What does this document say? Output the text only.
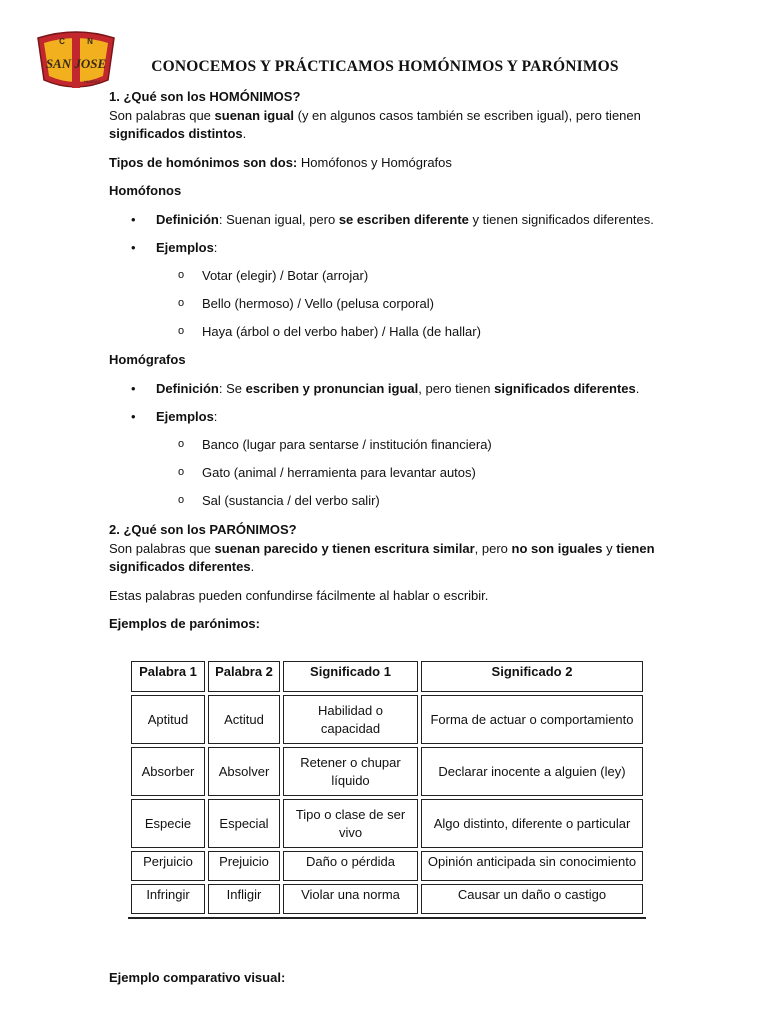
C	N
SAN JOSE
HUARAZ
CONOCEMOS Y PRÁCTICAMOS HOMÓNIMOS Y PARÓNIMOS

1. ¿Qué son los HOMÓNIMOS?

Son palabras que suenan igual (y en algunos casos también se escriben igual), pero tienen significados distintos.

Tipos de homónimos son dos: Homófonos y Homógrafos

Homófonos

• Definición: Suenan igual, pero se escriben diferente y tienen significados diferentes.
• Ejemplos:
o Votar (elegir) / Botar (arrojar)
o Bello (hermoso) / Vello (pelusa corporal)
o Haya (árbol o del verbo haber) / Halla (de hallar)

Homógrafos

• Definición: Se escriben y pronuncian igual, pero tienen significados diferentes.
• Ejemplos:
o Banco (lugar para sentarse / institución financiera)
o Gato (animal / herramienta para levantar autos)
o Sal (sustancia / del verbo salir)

2. ¿Qué son los PARÓNIMOS?

Son palabras que suenan parecido y tienen escritura similar, pero no son iguales y tienen significados diferentes.

Estas palabras pueden confundirse fácilmente al hablar o escribir.

Ejemplos de parónimos:

Palabra 1	Palabra 2	Significado 1	Significado 2
Aptitud	Actitud	Habilidad o capacidad	Forma de actuar o comportamiento
Absorber	Absolver	Retener o chupar líquido	Declarar inocente a alguien (ley)
Especie	Especial	Tipo o clase de ser vivo	Algo distinto, diferente o particular
Perjuicio	Prejuicio	Daño o pérdida	Opinión anticipada sin conocimiento
Infringir	Infligir	Violar una norma	Causar un daño o castigo
Ejemplo comparativo visual:
